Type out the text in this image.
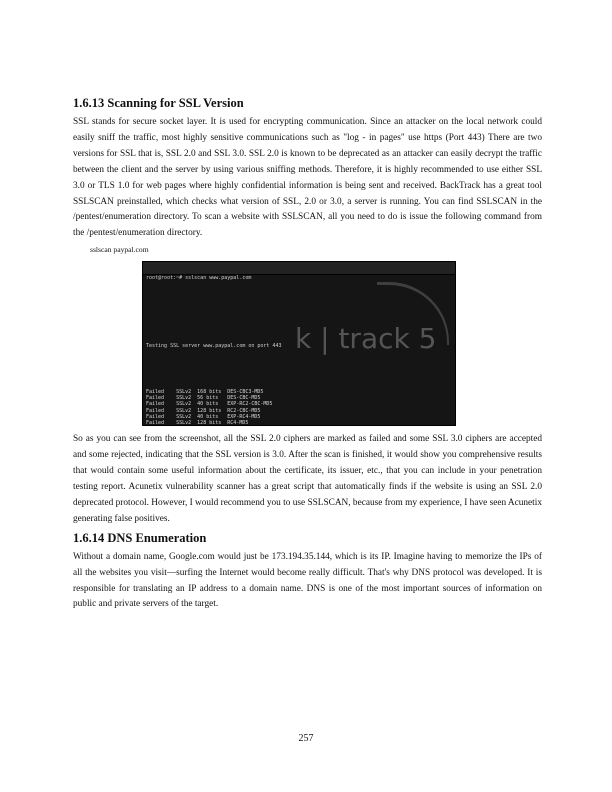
1.6.13 Scanning for SSL Version

SSL stands for secure socket layer. It is used for encrypting communication. Since an attacker on the local network could easily sniff the traffic, most highly sensitive communications such as "log - in pages" use https (Port 443) There are two versions for SSL that is, SSL 2.0 and SSL 3.0. SSL 2.0 is known to be deprecated as an attacker can easily decrypt the traffic between the client and the server by using various sniffing methods. Therefore, it is highly recommended to use either SSL 3.0 or TLS 1.0 for web pages where highly confidential information is being sent and received. BackTrack has a great tool SSLSCAN preinstalled, which checks what version of SSL, 2.0 or 3.0, a server is running. You can find SSLSCAN in the /pentest/enumeration directory. To scan a website with SSLSCAN, all you need to do is issue the following command from the /pentest/enumeration directory.

sslscan paypal.com
k | track 5

root@root:~# sslscan www.paypal.com

Testing SSL server www.paypal.com on port 443

Failed    SSLv2  168 bits  DES-CBC3-MD5
Failed    SSLv2  56 bits   DES-CBC-MD5
Failed    SSLv2  40 bits   EXP-RC2-CBC-MD5
Failed    SSLv2  128 bits  RC2-CBC-MD5
Failed    SSLv2  40 bits   EXP-RC4-MD5
Failed    SSLv2  128 bits  RC4-MD5

So as you can see from the screenshot, all the SSL 2.0 ciphers are marked as failed and some SSL 3.0 ciphers are accepted and some rejected, indicating that the SSL version is 3.0. After the scan is finished, it would show you comprehensive results that would contain some useful information about the certificate, its issuer, etc., that you can include in your penetration testing report. Acunetix vulnerability scanner has a great script that automatically finds if the website is using an SSL 2.0 deprecated protocol. However, I would recommend you to use SSLSCAN, because from my experience, I have seen Acunetix generating false positives.

1.6.14 DNS Enumeration

Without a domain name, Google.com would just be 173.194.35.144, which is its IP. Imagine having to memorize the IPs of all the websites you visit—surfing the Internet would become really difficult. That's why DNS protocol was developed. It is responsible for translating an IP address to a domain name. DNS is one of the most important sources of information on public and private servers of the target.

257
